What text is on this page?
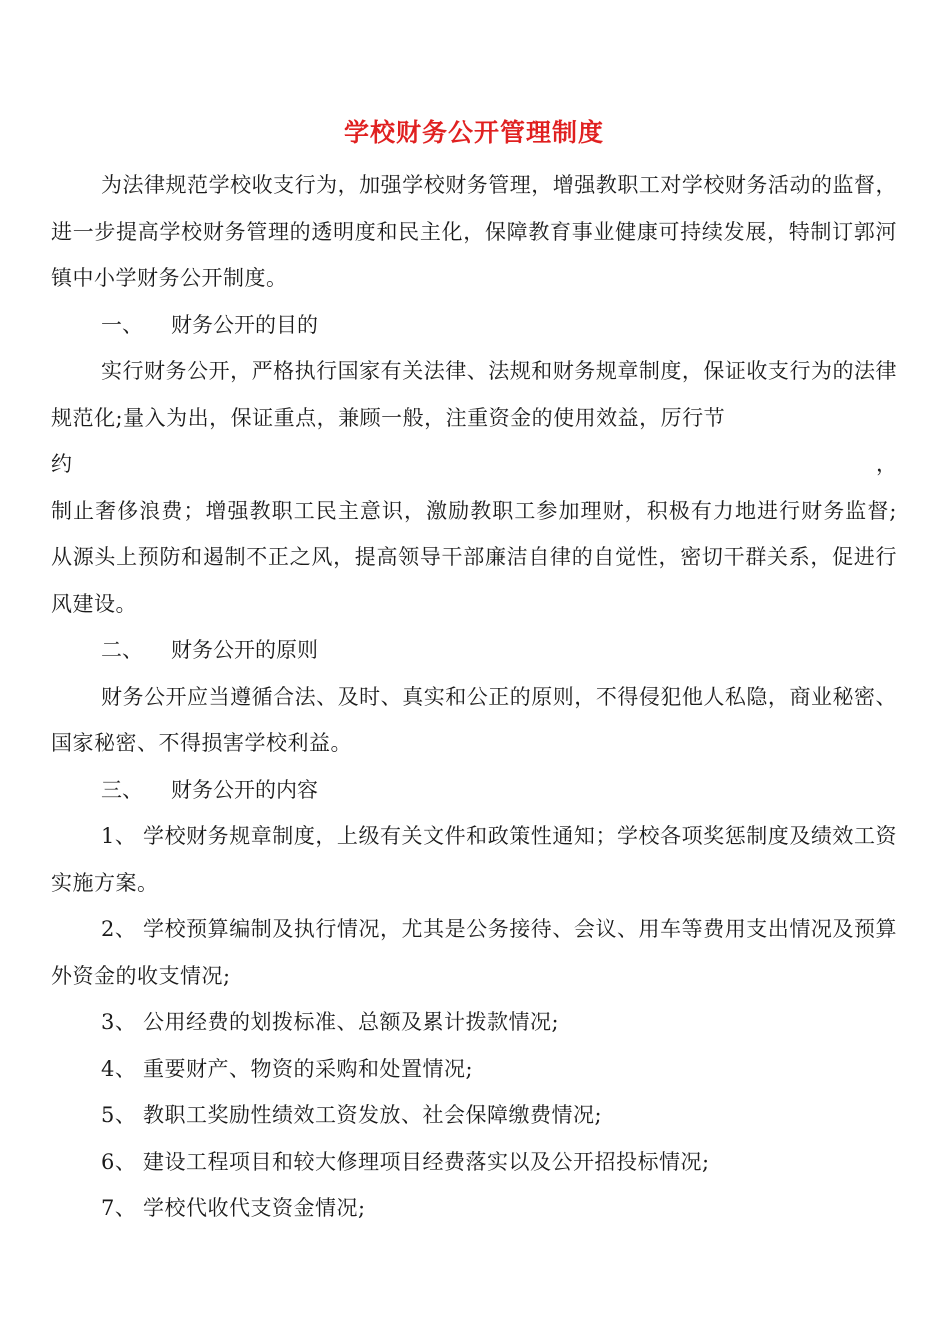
学校财务公开管理制度

为法律规范学校收支行为，加强学校财务管理，增强教职工对学校财务活动的监督，进一步提高学校财务管理的透明度和民主化，保障教育事业健康可持续发展，特制订郭河镇中小学财务公开制度。

一、	财务公开的目的

实行财务公开，严格执行国家有关法律、法规和财务规章制度，保证收支行为的法律规范化;量入为出，保证重点，兼顾一般，注重资金的使用效益，厉行节

约	，

制止奢侈浪费；增强教职工民主意识，激励教职工参加理财，积极有力地进行财务监督;从源头上预防和遏制不正之风，提高领导干部廉洁自律的自觉性，密切干群关系，促进行风建设。

二、	财务公开的原则

财务公开应当遵循合法、及时、真实和公正的原则，不得侵犯他人私隐，商业秘密、国家秘密、不得损害学校利益。

三、	财务公开的内容

1、 学校财务规章制度，上级有关文件和政策性通知；学校各项奖惩制度及绩效工资实施方案。

2、 学校预算编制及执行情况，尤其是公务接待、会议、用车等费用支出情况及预算外资金的收支情况;

3、 公用经费的划拨标准、总额及累计拨款情况;

4、 重要财产、物资的采购和处置情况;

5、 教职工奖励性绩效工资发放、社会保障缴费情况;

6、 建设工程项目和较大修理项目经费落实以及公开招投标情况;

7、 学校代收代支资金情况;
